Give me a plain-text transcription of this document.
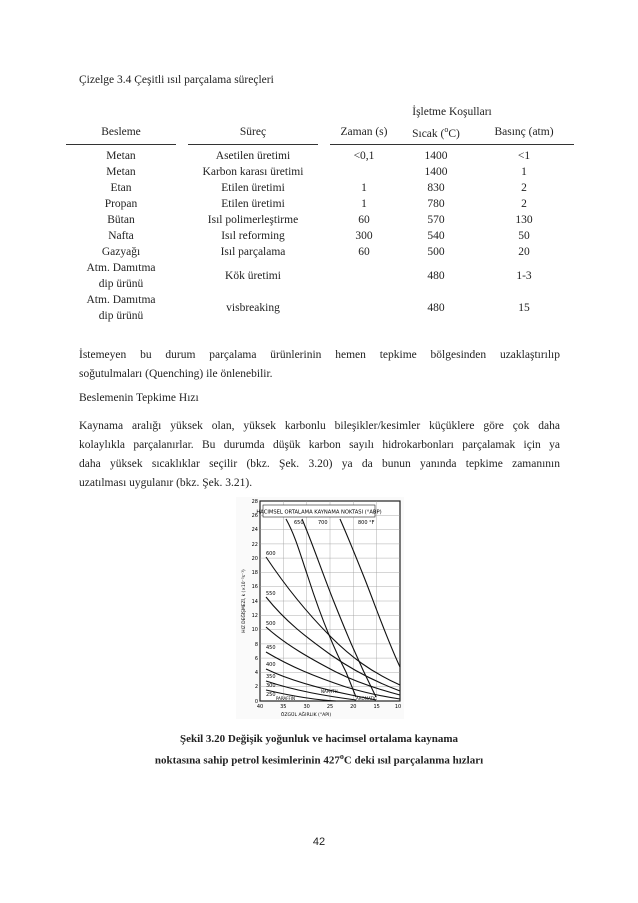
Çizelge 3.4 Çeşitli ısıl parçalama süreçleri
				İşletme Koşulları		
Besleme		Süreç		Zaman (s)	Sıcak ($^o$C)	Basınç (atm)

Metan		Asetilen üretimi		<0,1	1400	<1
Metan		Karbon karası üretimi			1400	1
Etan		Etilen üretimi		1	830	2
Propan		Etilen üretimi		1	780	2
Bütan		Isıl polimerleştirme		60	570	130
Nafta		Isıl reforming		300	540	50
Gazyağı		Isıl parçalama		60	500	20

Atm. Damıtma
dip ürünü		Kök üretimi			480	1-3

Atm. Damıtma
dip ürünü		visbreaking			480	15
İstemeyen bu durum parçalama ürünlerinin hemen tepkime bölgesinden uzaklaştırılıp
soğutulmaları (Quenching) ile önlenebilir.
Beslemenin Tepkime Hızı
Kaynama aralığı yüksek olan, yüksek karbonlu bileşikler/kesimler küçüklere göre çok daha
kolaylıkla parçalanırlar. Bu durumda düşük karbon sayılı hidrokarbonları parçalamak için ya
daha yüksek sıcaklıklar seçilir (bkz. Şek. 3.20) ya da bunun yanında tepkime zamanının
uzatılması uygulanır (bkz. Şek. 3.21).
HACIMSEL ORTALAMA KAYNAMA NOKTASI (°ABP)
650	700	800 °F
600
550
500
450
400
350
300
250
PARAFFIN
NAPHTH.
AROMATIC
28
26
24
22
20
18
16
14
12
10
8
6
4
2
0
HIZ DEĞİŞMEZİ, k (×10⁻³s⁻¹)
40	35	30	25	20	15	10
ÖZGÜL AĞIRLIK (°API)
Şekil 3.20 Değişik yoğunluk ve hacimsel ortalama kaynama
noktasına sahip petrol kesimlerinin 427$^o$C deki ısıl parçalanma hızları
42
